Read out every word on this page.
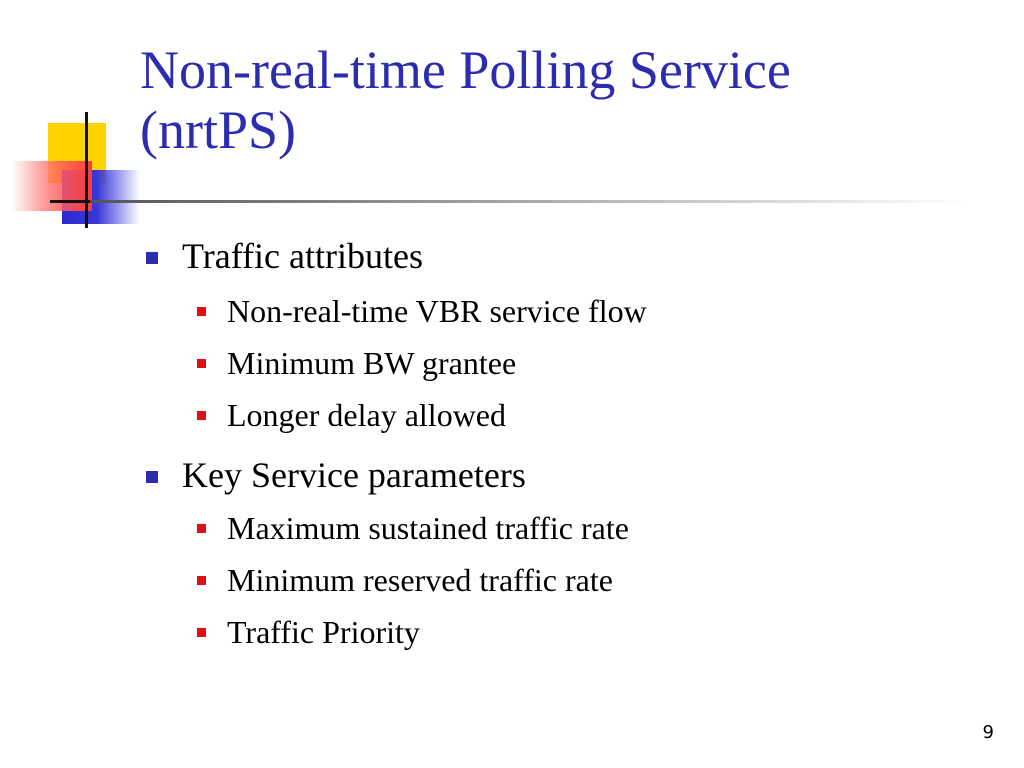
Non-real-time Polling Service
(nrtPS)
Traffic attributes
Non-real-time VBR service flow
Minimum BW grantee
Longer delay allowed
Key Service parameters
Maximum sustained traffic rate
Minimum reserved traffic rate
Traffic Priority
9
